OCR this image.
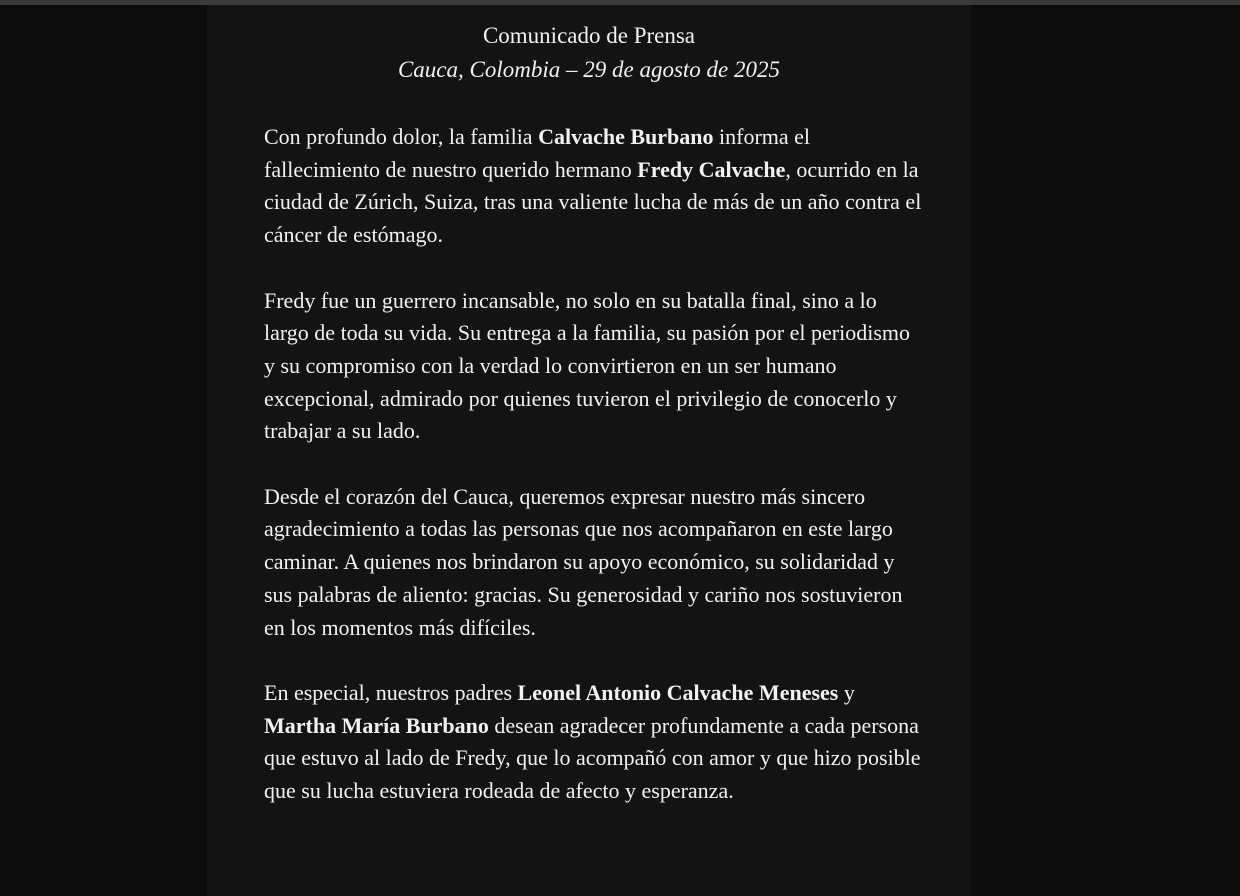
Comunicado de Prensa
Cauca, Colombia – 29 de agosto de 2025

Con profundo dolor, la familia Calvache Burbano informa el fallecimiento de nuestro querido hermano Fredy Calvache, ocurrido en la ciudad de Zúrich, Suiza, tras una valiente lucha de más de un año contra el cáncer de estómago.

Fredy fue un guerrero incansable, no solo en su batalla final, sino a lo largo de toda su vida. Su entrega a la familia, su pasión por el periodismo y su compromiso con la verdad lo convirtieron en un ser humano excepcional, admirado por quienes tuvieron el privilegio de conocerlo y trabajar a su lado.

Desde el corazón del Cauca, queremos expresar nuestro más sincero agradecimiento a todas las personas que nos acompañaron en este largo caminar. A quienes nos brindaron su apoyo económico, su solidaridad y sus palabras de aliento: gracias. Su generosidad y cariño nos sostuvieron en los momentos más difíciles.

En especial, nuestros padres Leonel Antonio Calvache Meneses y Martha María Burbano desean agradecer profundamente a cada persona que estuvo al lado de Fredy, que lo acompañó con amor y que hizo posible que su lucha estuviera rodeada de afecto y esperanza.
